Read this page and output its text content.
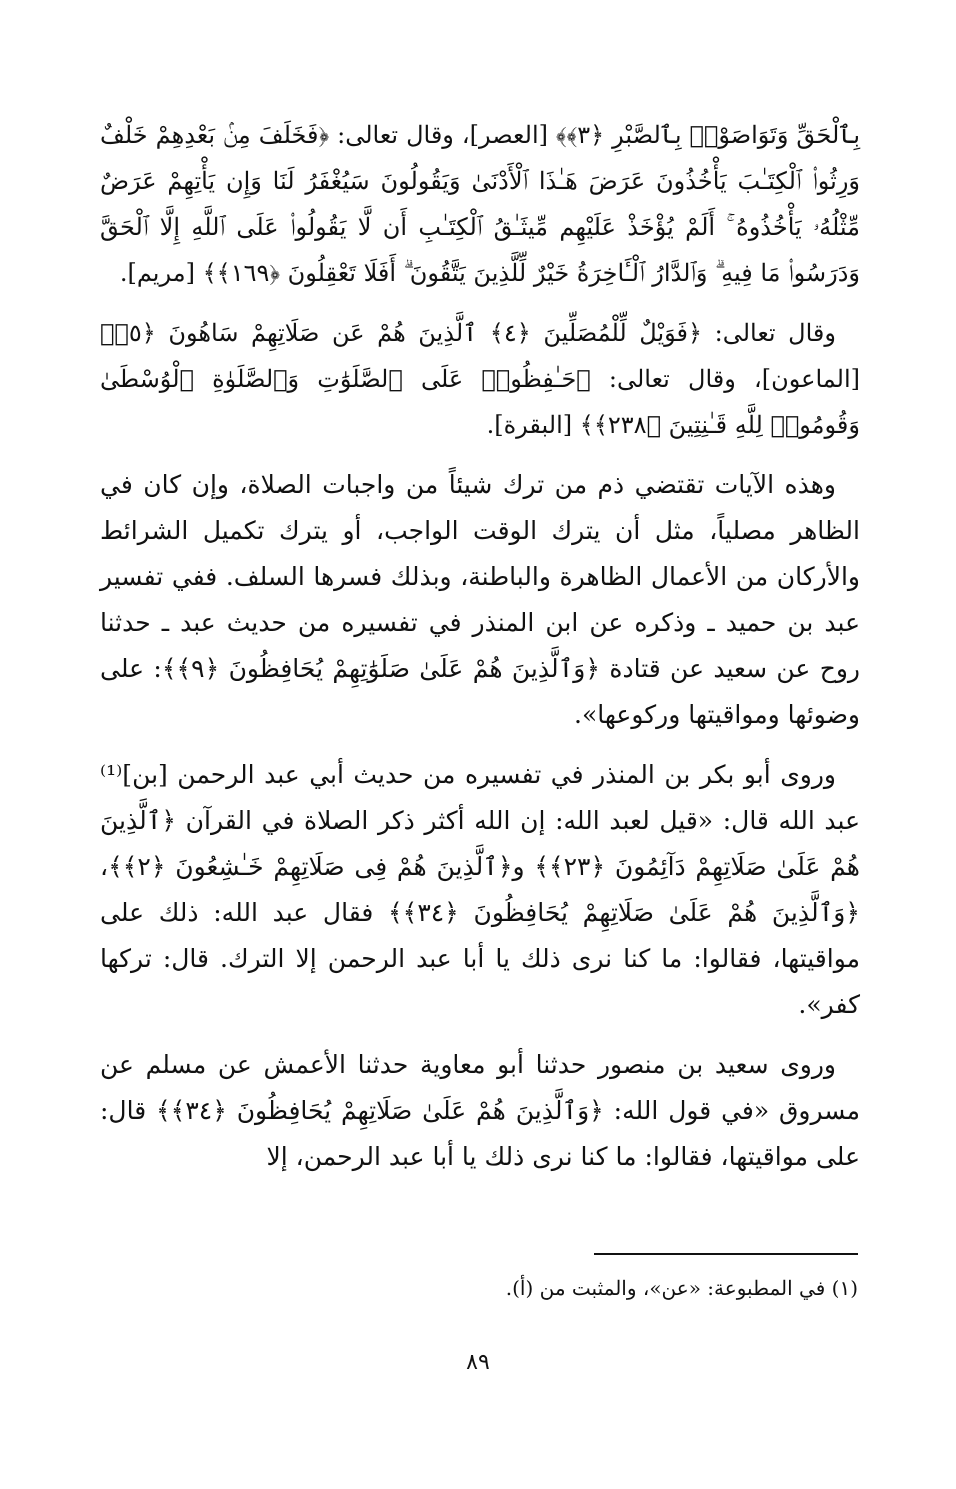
بِٱلْحَقِّ وَتَوَاصَوْا۟ بِٱلصَّبْرِ ﴿٣﴾﴾ [العصر]، وقال تعالى: ﴿فَخَلَفَ مِنۢ بَعْدِهِمْ خَلْفٌ وَرِثُوا۟ ٱلْكِتَـٰبَ يَأْخُذُونَ عَرَضَ هَـٰذَا ٱلْأَدْنَىٰ وَيَقُولُونَ سَيُغْفَرُ لَنَا وَإِن يَأْتِهِمْ عَرَضٌ مِّثْلُهُۥ يَأْخُذُوهُ ۚ أَلَمْ يُؤْخَذْ عَلَيْهِم مِّيثَـٰقُ ٱلْكِتَـٰبِ أَن لَّا يَقُولُوا۟ عَلَى ٱللَّهِ إِلَّا ٱلْحَقَّ وَدَرَسُوا۟ مَا فِيهِ ۗ وَٱلدَّارُ ٱلْـَٔاخِرَةُ خَيْرٌ لِّلَّذِينَ يَتَّقُونَ ۗ أَفَلَا تَعْقِلُونَ ﴿١٦٩﴾﴾ [مريم].

وقال تعالى: ﴿فَوَيْلٌ لِّلْمُصَلِّينَ ﴿٤﴾ ٱلَّذِينَ هُمْ عَن صَلَاتِهِمْ سَاهُونَ ﴿٥﴾﴾ [الماعون]، وقال تعالى: ﴿حَـٰفِظُوا۟ عَلَى ٱلصَّلَوَٰتِ وَٱلصَّلَوٰةِ ٱلْوُسْطَىٰ وَقُومُوا۟ لِلَّهِ قَـٰنِتِينَ ﴿٢٣٨﴾﴾ [البقرة].

وهذه الآيات تقتضي ذم من ترك شيئاً من واجبات الصلاة، وإن كان في الظاهر مصلياً، مثل أن يترك الوقت الواجب، أو يترك تكميل الشرائط والأركان من الأعمال الظاهرة والباطنة، وبذلك فسرها السلف. ففي تفسير عبد بن حميد ـ وذكره عن ابن المنذر في تفسيره من حديث عبد ـ حدثنا روح عن سعيد عن قتادة ﴿وَٱلَّذِينَ هُمْ عَلَىٰ صَلَوَٰتِهِمْ يُحَافِظُونَ ﴿٩﴾﴾: على وضوئها ومواقيتها وركوعها».

وروى أبو بكر بن المنذر في تفسيره من حديث أبي عبد الرحمن [بن]⁽¹⁾ عبد الله قال: «قيل لعبد الله: إن الله أكثر ذكر الصلاة في القرآن ﴿ٱلَّذِينَ هُمْ عَلَىٰ صَلَاتِهِمْ دَآئِمُونَ ﴿٢٣﴾﴾ و﴿ٱلَّذِينَ هُمْ فِى صَلَاتِهِمْ خَـٰشِعُونَ ﴿٢﴾﴾، ﴿وَٱلَّذِينَ هُمْ عَلَىٰ صَلَاتِهِمْ يُحَافِظُونَ ﴿٣٤﴾﴾ فقال عبد الله: ذلك على مواقيتها، فقالوا: ما كنا نرى ذلك يا أبا عبد الرحمن إلا الترك. قال: تركها كفر».

وروى سعيد بن منصور حدثنا أبو معاوية حدثنا الأعمش عن مسلم عن مسروق «في قول الله: ﴿وَٱلَّذِينَ هُمْ عَلَىٰ صَلَاتِهِمْ يُحَافِظُونَ ﴿٣٤﴾﴾ قال: على مواقيتها، فقالوا: ما كنا نرى ذلك يا أبا عبد الرحمن، إلا

(١) في المطبوعة: «عن»، والمثبت من (أ).
٨٩
